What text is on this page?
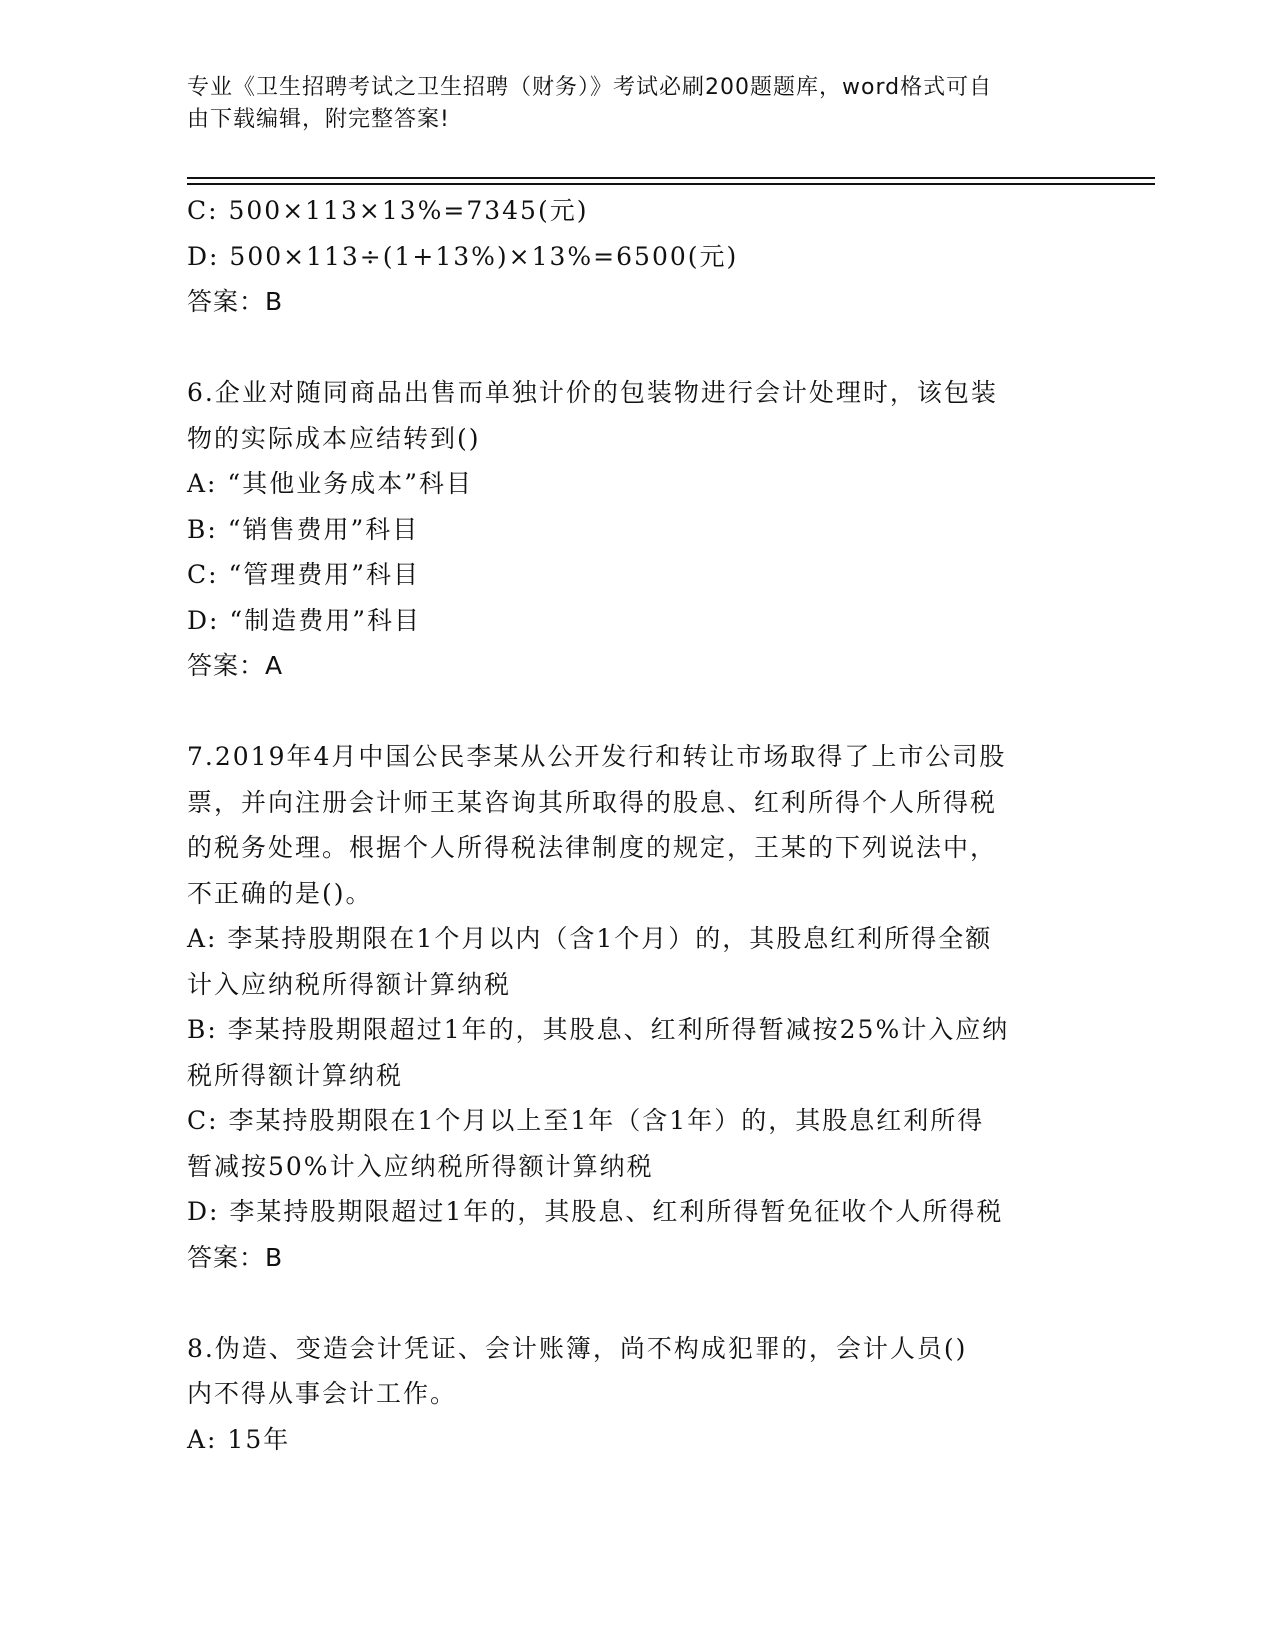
专业《卫生招聘考试之卫生招聘（财务）》考试必刷200题题库，word格式可自
由下载编辑，附完整答案!
C: 500×113×13%=7345(元)
D: 500×113÷(1+13%)×13%=6500(元)
答案：B
6.企业对随同商品出售而单独计价的包装物进行会计处理时，该包装
物的实际成本应结转到()
A: “其他业务成本”科目
B: “销售费用”科目
C: “管理费用”科目
D: “制造费用”科目
答案：A
7.2019年4月中国公民李某从公开发行和转让市场取得了上市公司股
票，并向注册会计师王某咨询其所取得的股息、红利所得个人所得税
的税务处理。根据个人所得税法律制度的规定，王某的下列说法中，
不正确的是()。
A: 李某持股期限在1个月以内（含1个月）的，其股息红利所得全额
计入应纳税所得额计算纳税
B: 李某持股期限超过1年的，其股息、红利所得暂减按25%计入应纳
税所得额计算纳税
C: 李某持股期限在1个月以上至1年（含1年）的，其股息红利所得
暂减按50%计入应纳税所得额计算纳税
D: 李某持股期限超过1年的，其股息、红利所得暂免征收个人所得税
答案：B
8.伪造、变造会计凭证、会计账簿，尚不构成犯罪的，会计人员()
内不得从事会计工作。
A: 15年
